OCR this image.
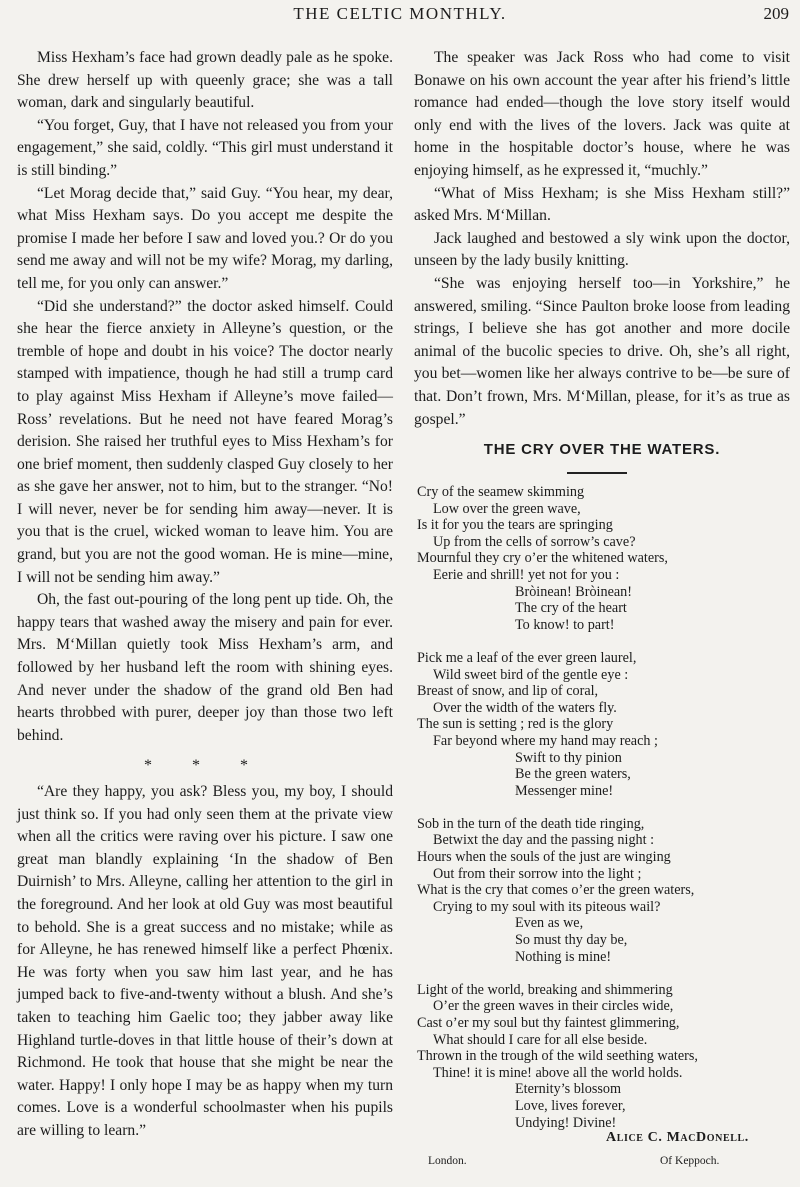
THE CELTIC MONTHLY.	209

Miss Hexham’s face had grown deadly pale as he spoke. She drew herself up with queenly grace; she was a tall woman, dark and singularly beautiful.

“You forget, Guy, that I have not released you from your engagement,” she said, coldly. “This girl must understand it is still binding.”

“Let Morag decide that,” said Guy. “You hear, my dear, what Miss Hexham says. Do you accept me despite the promise I made her before I saw and loved you.? Or do you send me away and will not be my wife? Morag, my darling, tell me, for you only can answer.”

“Did she understand?” the doctor asked himself. Could she hear the fierce anxiety in Alleyne’s question, or the tremble of hope and doubt in his voice? The doctor nearly stamped with impatience, though he had still a trump card to play against Miss Hexham if Alleyne’s move failed—Ross’ revelations. But he need not have feared Morag’s derision. She raised her truthful eyes to Miss Hexham’s for one brief moment, then suddenly clasped Guy closely to her as she gave her answer, not to him, but to the stranger. “No! I will never, never be for sending him away—never. It is you that is the cruel, wicked woman to leave him. You are grand, but you are not the good woman. He is mine—mine, I will not be sending him away.”

Oh, the fast out-pouring of the long pent up tide. Oh, the happy tears that washed away the misery and pain for ever. Mrs. M‘Millan quietly took Miss Hexham’s arm, and followed by her husband left the room with shining eyes. And never under the shadow of the grand old Ben had hearts throbbed with purer, deeper joy than those two left behind.

* * *

“Are they happy, you ask? Bless you, my boy, I should just think so. If you had only seen them at the private view when all the critics were raving over his picture. I saw one great man blandly explaining ‘In the shadow of Ben Duirnish’ to Mrs. Alleyne, calling her attention to the girl in the foreground. And her look at old Guy was most beautiful to behold. She is a great success and no mistake; while as for Alleyne, he has renewed himself like a perfect Phœnix. He was forty when you saw him last year, and he has jumped back to five-and-twenty without a blush. And she’s taken to teaching him Gaelic too; they jabber away like Highland turtle-doves in that little house of their’s down at Richmond. He took that house that she might be near the water. Happy! I only hope I may be as happy when my turn comes. Love is a wonderful schoolmaster when his pupils are willing to learn.”

The speaker was Jack Ross who had come to visit Bonawe on his own account the year after his friend’s little romance had ended—though the love story itself would only end with the lives of the lovers. Jack was quite at home in the hospitable doctor’s house, where he was enjoying himself, as he expressed it, “muchly.”

“What of Miss Hexham; is she Miss Hexham still?” asked Mrs. M‘Millan.

Jack laughed and bestowed a sly wink upon the doctor, unseen by the lady busily knitting.

“She was enjoying herself too—in Yorkshire,” he answered, smiling. “Since Paulton broke loose from leading strings, I believe she has got another and more docile animal of the bucolic species to drive. Oh, she’s all right, you bet—women like her always contrive to be—be sure of that. Don’t frown, Mrs. M‘Millan, please, for it’s as true as gospel.”

THE CRY OVER THE WATERS.
Cry of the seamew skimming
Low over the green wave,
Is it for you the tears are springing
Up from the cells of sorrow’s cave?
Mournful they cry o’er the whitened waters,
Eerie and shrill! yet not for you :
Bròinean! Bròinean!
The cry of the heart
To know! to part!
Pick me a leaf of the ever green laurel,
Wild sweet bird of the gentle eye :
Breast of snow, and lip of coral,
Over the width of the waters fly.
The sun is setting ; red is the glory
Far beyond where my hand may reach ;
Swift to thy pinion
Be the green waters,
Messenger mine!
Sob in the turn of the death tide ringing,
Betwixt the day and the passing night :
Hours when the souls of the just are winging
Out from their sorrow into the light ;
What is the cry that comes o’er the green waters,
Crying to my soul with its piteous wail?
Even as we,
So must thy day be,
Nothing is mine!
Light of the world, breaking and shimmering
O’er the green waves in their circles wide,
Cast o’er my soul but thy faintest glimmering,
What should I care for all else beside.
Thrown in the trough of the wild seething waters,
Thine! it is mine! above all the world holds.
Eternity’s blossom
Love, lives forever,
Undying! Divine!
Alice C. MacDonell.
London.	Of Keppoch.
